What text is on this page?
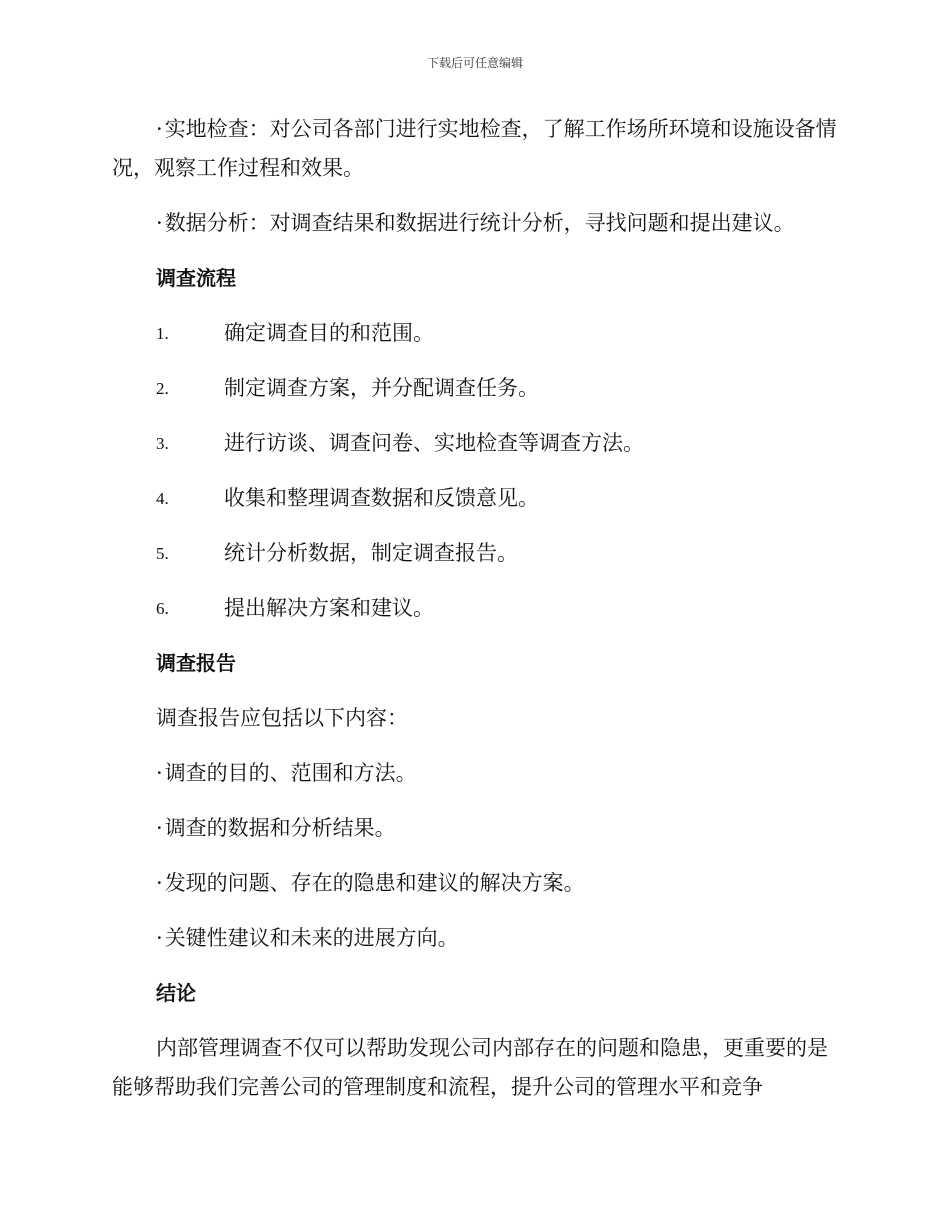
下载后可任意编辑

·实地检查：对公司各部门进行实地检查，了解工作场所环境和设施设备情况，观察工作过程和效果。

·数据分析：对调查结果和数据进行统计分析，寻找问题和提出建议。

调查流程
1.	确定调查目的和范围。
2.	制定调查方案，并分配调查任务。
3.	进行访谈、调查问卷、实地检查等调查方法。
4.	收集和整理调查数据和反馈意见。
5.	统计分析数据，制定调查报告。
6.	提出解决方案和建议。
调查报告

调查报告应包括以下内容：

·调查的目的、范围和方法。

·调查的数据和分析结果。

·发现的问题、存在的隐患和建议的解决方案。

·关键性建议和未来的进展方向。

结论

内部管理调查不仅可以帮助发现公司内部存在的问题和隐患，更重要的是能够帮助我们完善公司的管理制度和流程，提升公司的管理水平和竞争
